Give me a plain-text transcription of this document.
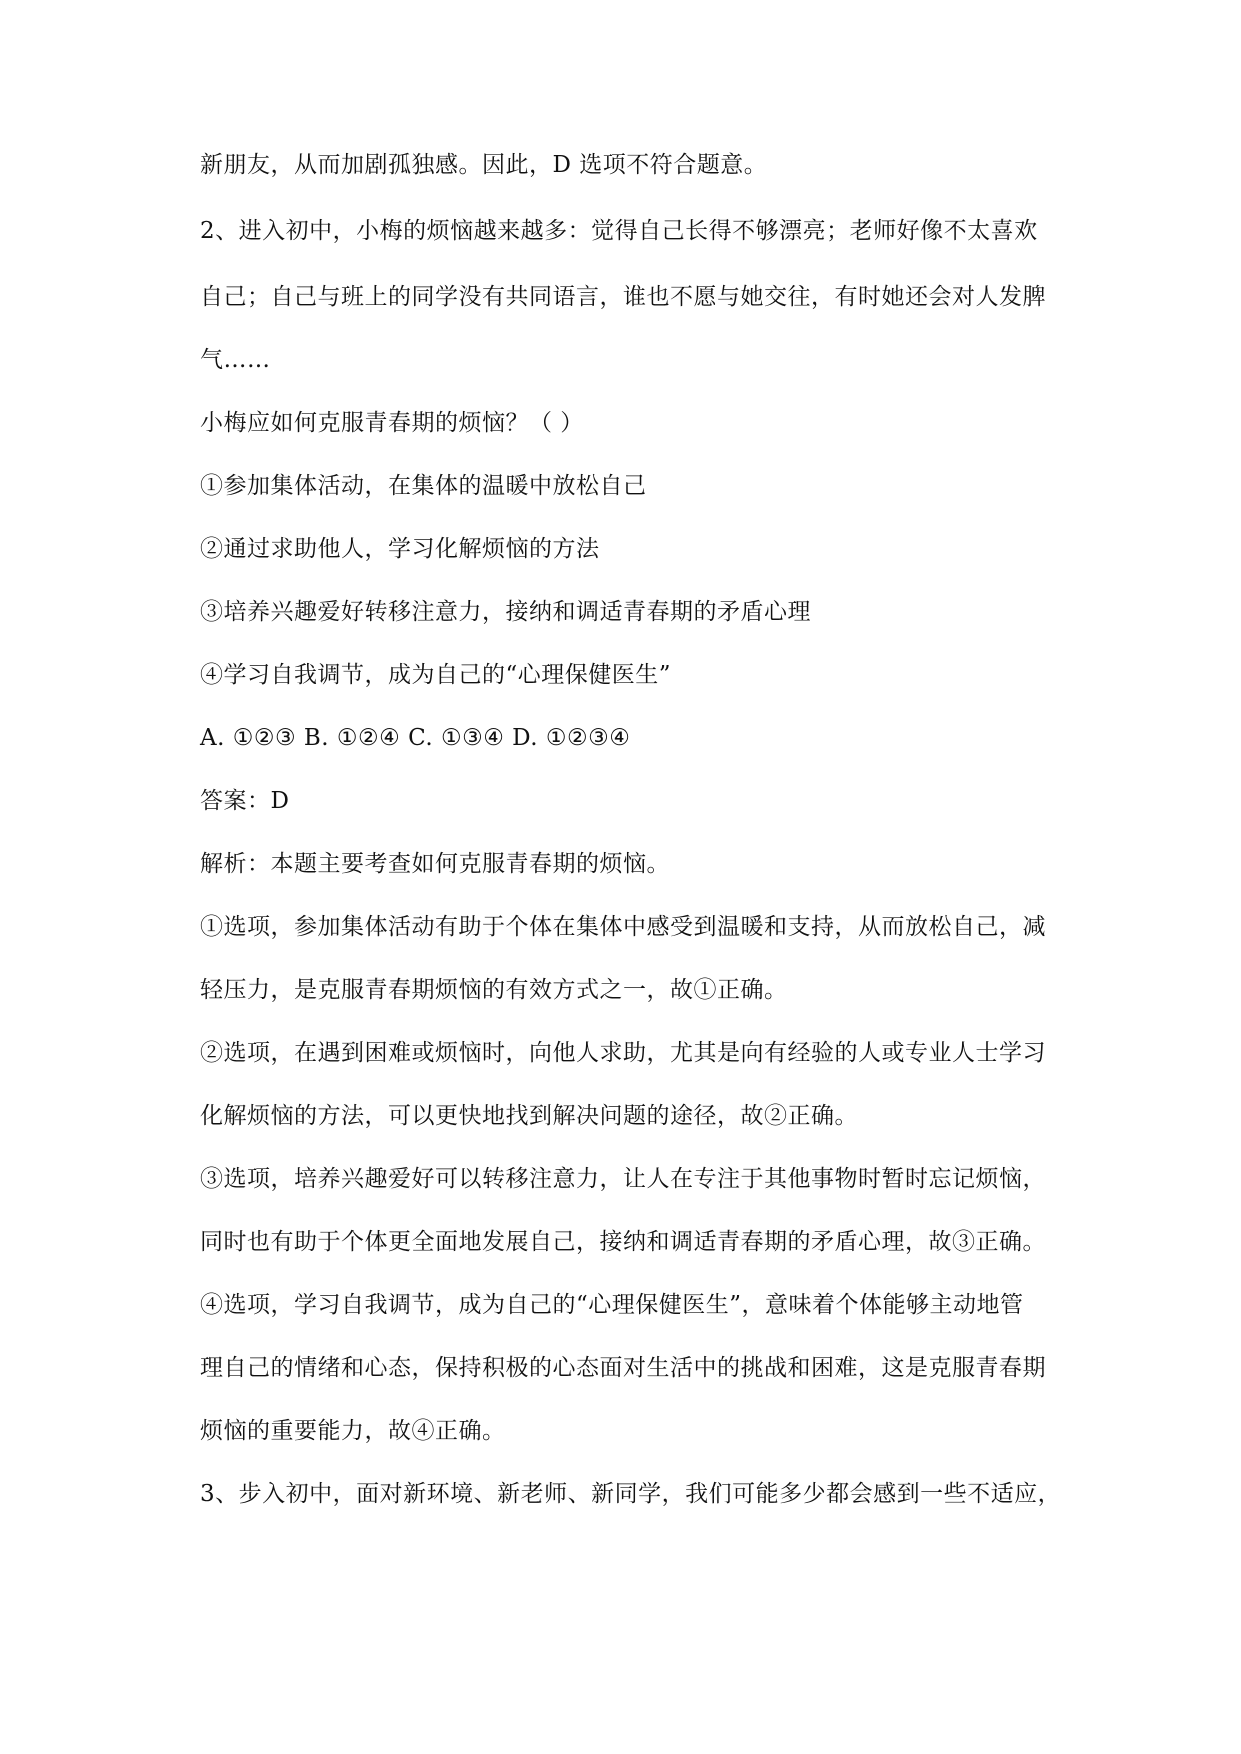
新朋友，从而加剧孤独感。因此，D 选项不符合题意。
2、进入初中，小梅的烦恼越来越多：觉得自己长得不够漂亮；老师好像不太喜欢
自己；自己与班上的同学没有共同语言，谁也不愿与她交往，有时她还会对人发脾
气……
小梅应如何克服青春期的烦恼？（ ）
①参加集体活动，在集体的温暖中放松自己
②通过求助他人，学习化解烦恼的方法
③培养兴趣爱好转移注意力，接纳和调适青春期的矛盾心理
④学习自我调节，成为自己的“心理保健医生”
A. ①②③ B. ①②④ C. ①③④ D. ①②③④
答案：D
解析：本题主要考查如何克服青春期的烦恼。
①选项，参加集体活动有助于个体在集体中感受到温暖和支持，从而放松自己，减
轻压力，是克服青春期烦恼的有效方式之一，故①正确。
②选项，在遇到困难或烦恼时，向他人求助，尤其是向有经验的人或专业人士学习
化解烦恼的方法，可以更快地找到解决问题的途径，故②正确。
③选项，培养兴趣爱好可以转移注意力，让人在专注于其他事物时暂时忘记烦恼，
同时也有助于个体更全面地发展自己，接纳和调适青春期的矛盾心理，故③正确。
④选项，学习自我调节，成为自己的“心理保健医生”，意味着个体能够主动地管
理自己的情绪和心态，保持积极的心态面对生活中的挑战和困难，这是克服青春期
烦恼的重要能力，故④正确。
3、步入初中，面对新环境、新老师、新同学，我们可能多少都会感到一些不适应，
